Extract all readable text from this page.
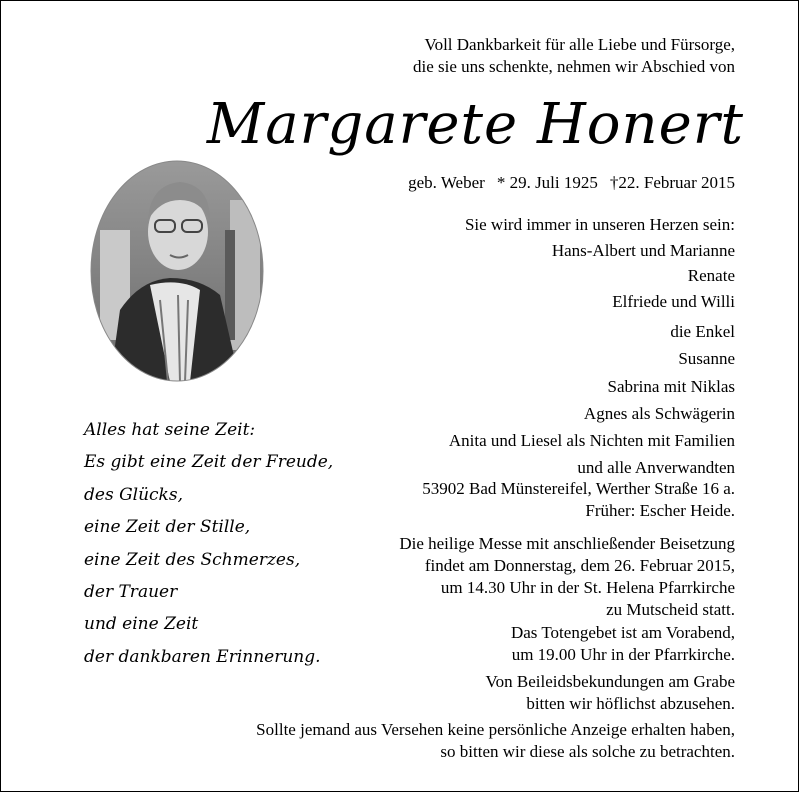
Voll Dankbarkeit für alle Liebe und Fürsorge,
die sie uns schenkte, nehmen wir Abschied von
Margarete Honert
geb. Weber * 29. Juli 1925 †22. Februar 2015
Sie wird immer in unseren Herzen sein:
Hans-Albert und Marianne
Renate
Elfriede und Willi
die Enkel
Susanne
Sabrina mit Niklas
Agnes als Schwägerin
Anita und Liesel als Nichten mit Familien
und alle Anverwandten
Alles hat seine Zeit:
Es gibt eine Zeit der Freude,
des Glücks,
eine Zeit der Stille,
eine Zeit des Schmerzes,
der Trauer
und eine Zeit
der dankbaren Erinnerung.
53902 Bad Münstereifel, Werther Straße 16 a.
Früher: Escher Heide.
Die heilige Messe mit anschließender Beisetzung
findet am Donnerstag, dem 26. Februar 2015,
um 14.30 Uhr in der St. Helena Pfarrkirche
zu Mutscheid statt.
Das Totengebet ist am Vorabend,
um 19.00 Uhr in der Pfarrkirche.
Von Beileidsbekundungen am Grabe
bitten wir höflichst abzusehen.
Sollte jemand aus Versehen keine persönliche Anzeige erhalten haben,
so bitten wir diese als solche zu betrachten.
